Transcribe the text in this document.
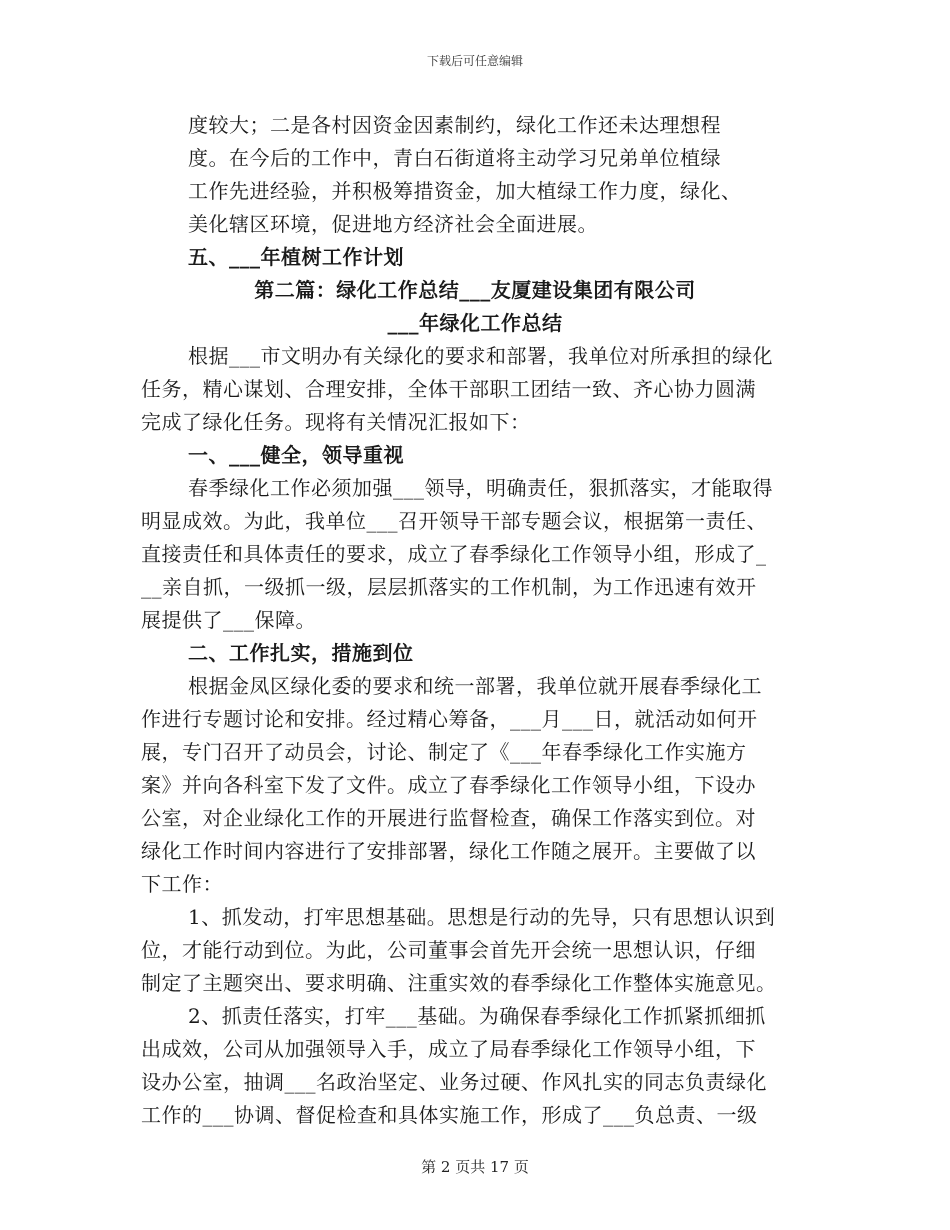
下载后可任意编辑
度较大；二是各村因资金因素制约，绿化工作还未达理想程
度。在今后的工作中，青白石街道将主动学习兄弟单位植绿
工作先进经验，并积极筹措资金，加大植绿工作力度，绿化、
美化辖区环境，促进地方经济社会全面进展。
五、___年植树工作计划
第二篇：绿化工作总结___友厦建设集团有限公司
___年绿化工作总结
根据___市文明办有关绿化的要求和部署，我单位对所承担的绿化
任务，精心谋划、合理安排，全体干部职工团结一致、齐心协力圆满
完成了绿化任务。现将有关情况汇报如下：
一、___健全，领导重视
春季绿化工作必须加强___领导，明确责任，狠抓落实，才能取得
明显成效。为此，我单位___召开领导干部专题会议，根据第一责任、
直接责任和具体责任的要求，成立了春季绿化工作领导小组，形成了_
__亲自抓，一级抓一级，层层抓落实的工作机制，为工作迅速有效开
展提供了___保障。
二、工作扎实，措施到位
根据金凤区绿化委的要求和统一部署，我单位就开展春季绿化工
作进行专题讨论和安排。经过精心筹备，___月___日，就活动如何开
展，专门召开了动员会，讨论、制定了《___年春季绿化工作实施方
案》并向各科室下发了文件。成立了春季绿化工作领导小组，下设办
公室，对企业绿化工作的开展进行监督检查，确保工作落实到位。对
绿化工作时间内容进行了安排部署，绿化工作随之展开。主要做了以
下工作：
1、抓发动，打牢思想基础。思想是行动的先导，只有思想认识到
位，才能行动到位。为此，公司董事会首先开会统一思想认识，仔细
制定了主题突出、要求明确、注重实效的春季绿化工作整体实施意见。
2、抓责任落实，打牢___基础。为确保春季绿化工作抓紧抓细抓
出成效，公司从加强领导入手，成立了局春季绿化工作领导小组，下
设办公室，抽调___名政治坚定、业务过硬、作风扎实的同志负责绿化
工作的___协调、督促检查和具体实施工作，形成了___负总责、一级
第 2 页共 17 页
